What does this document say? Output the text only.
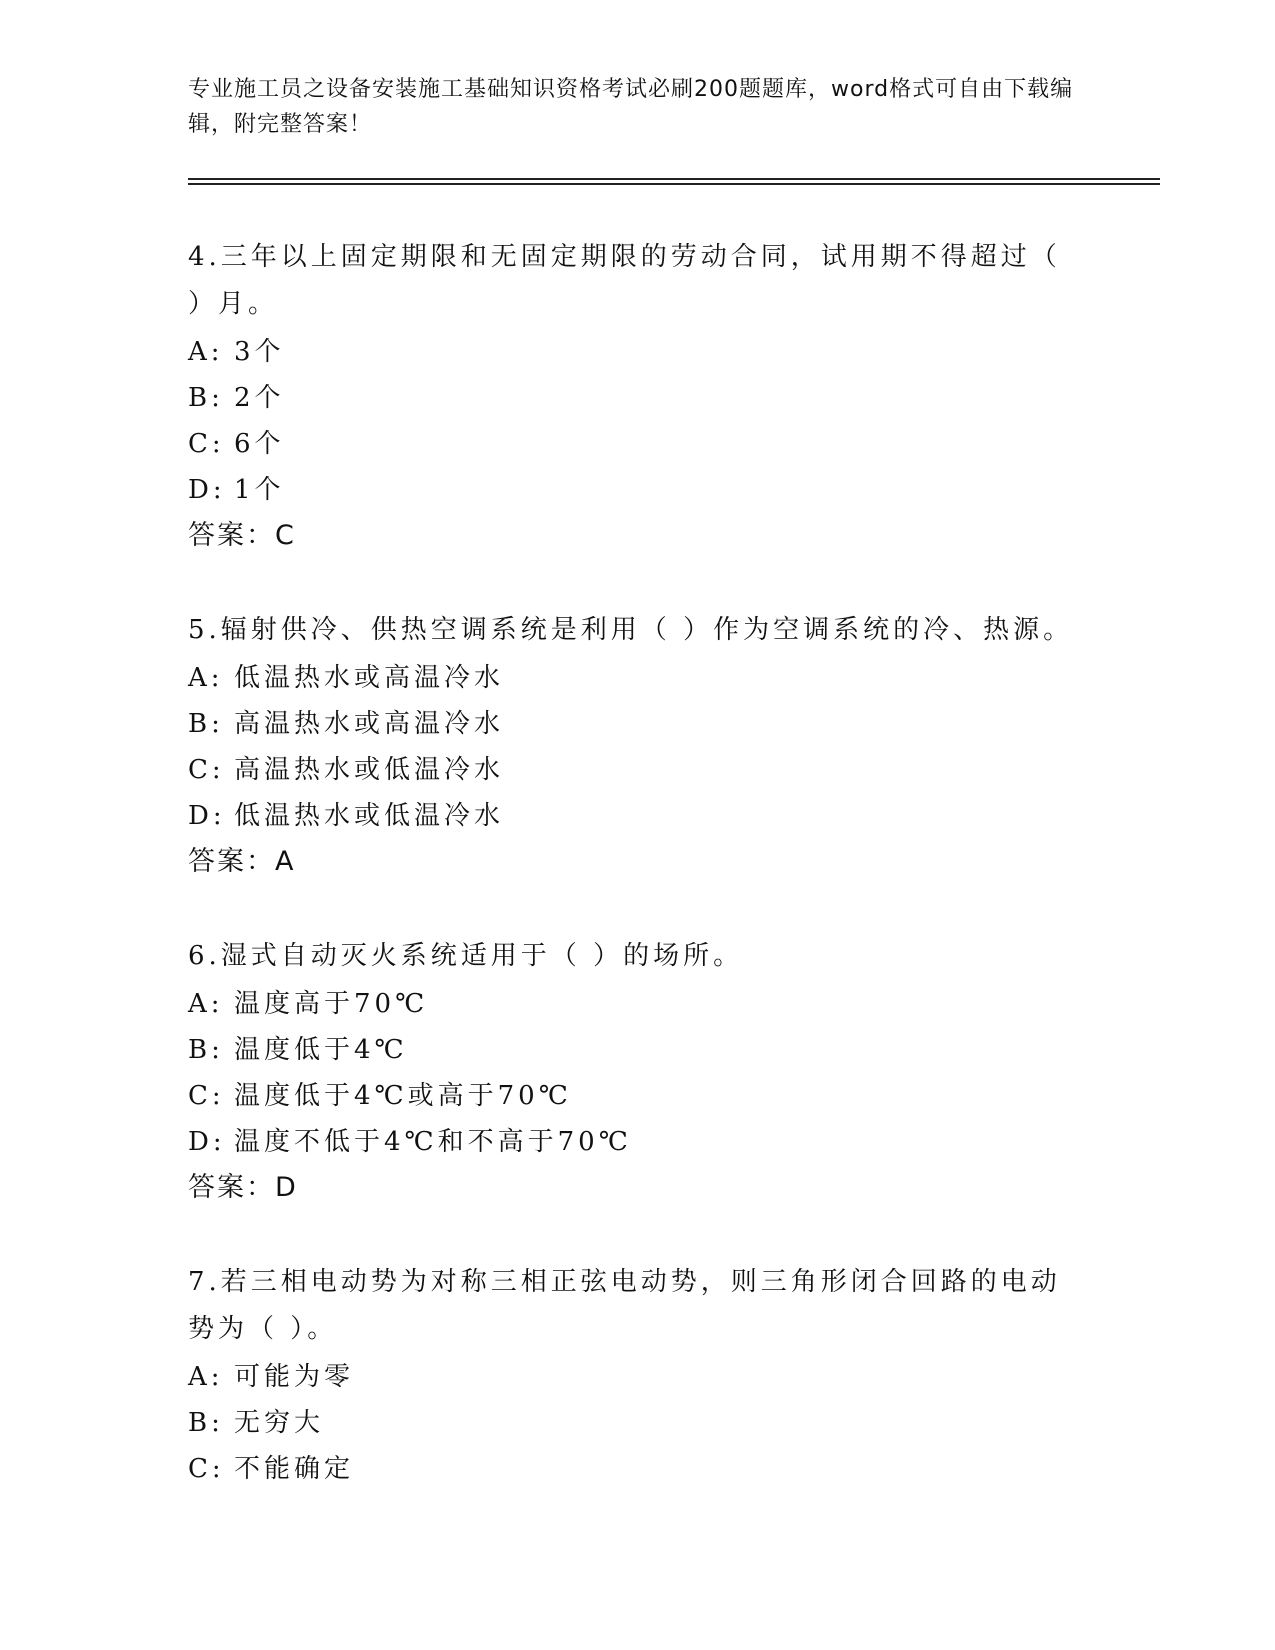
专业施工员之设备安装施工基础知识资格考试必刷200题题库，word格式可自由下载编辑，附完整答案！
4.三年以上固定期限和无固定期限的劳动合同，试用期不得超过（ ）月。
A: 3个
B: 2个
C: 6个
D: 1个
答案：C
5.辐射供冷、供热空调系统是利用（ ）作为空调系统的冷、热源。
A: 低温热水或高温冷水
B: 高温热水或高温冷水
C: 高温热水或低温冷水
D: 低温热水或低温冷水
答案：A
6.湿式自动灭火系统适用于（ ）的场所。
A: 温度高于70℃
B: 温度低于4℃
C: 温度低于4℃或高于70℃
D: 温度不低于4℃和不高于70℃
答案：D
7.若三相电动势为对称三相正弦电动势，则三角形闭合回路的电动势为（ ）。
A: 可能为零
B: 无穷大
C: 不能确定
